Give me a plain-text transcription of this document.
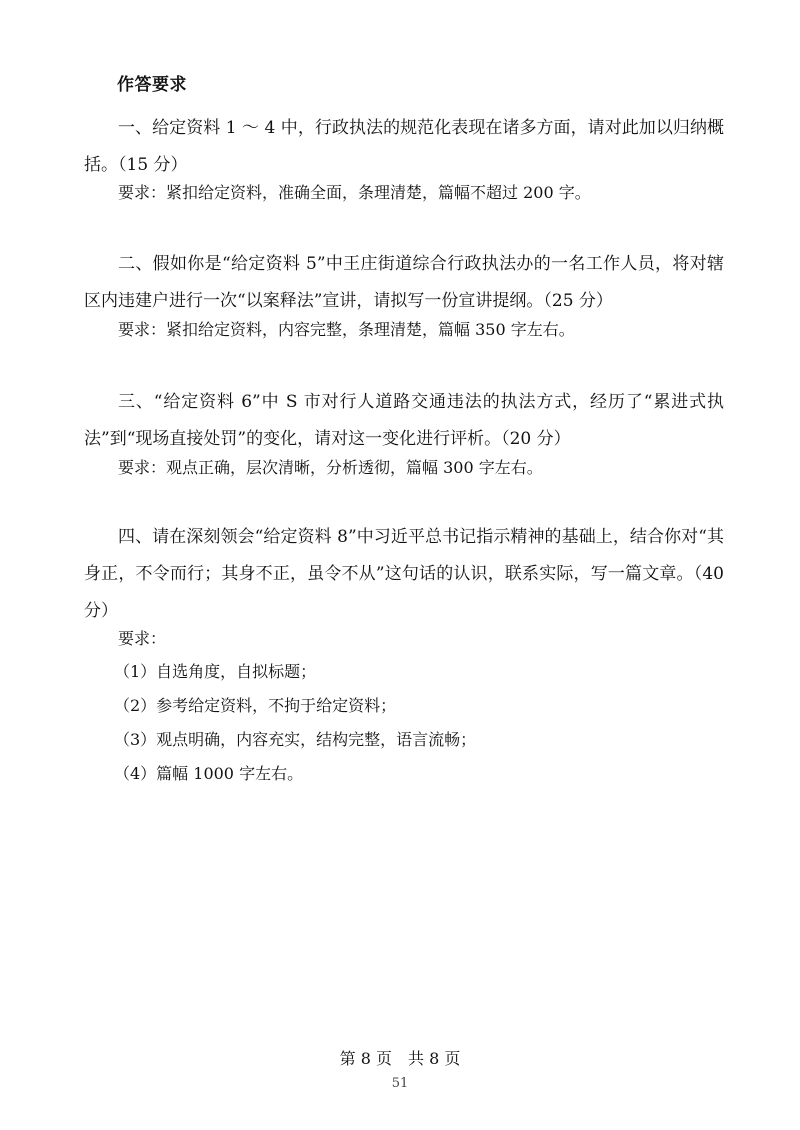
作答要求

一、给定资料 1 ～ 4 中，行政执法的规范化表现在诸多方面，请对此加以归纳概括。（15 分）

要求：紧扣给定资料，准确全面，条理清楚，篇幅不超过 200 字。

二、假如你是“给定资料 5”中王庄街道综合行政执法办的一名工作人员，将对辖区内违建户进行一次“以案释法”宣讲，请拟写一份宣讲提纲。（25 分）

要求：紧扣给定资料，内容完整，条理清楚，篇幅 350 字左右。

三、“给定资料 6”中 S 市对行人道路交通违法的执法方式，经历了“累进式执法”到“现场直接处罚”的变化，请对这一变化进行评析。（20 分）

要求：观点正确，层次清晰，分析透彻，篇幅 300 字左右。

四、请在深刻领会“给定资料 8”中习近平总书记指示精神的基础上，结合你对“其身正，不令而行；其身不正，虽令不从”这句话的认识，联系实际，写一篇文章。（40 分）

要求：

（1）自选角度，自拟标题；
（2）参考给定资料，不拘于给定资料；
（3）观点明确，内容充实，结构完整，语言流畅；
（4）篇幅 1000 字左右。
第 8 页　共 8 页
51
